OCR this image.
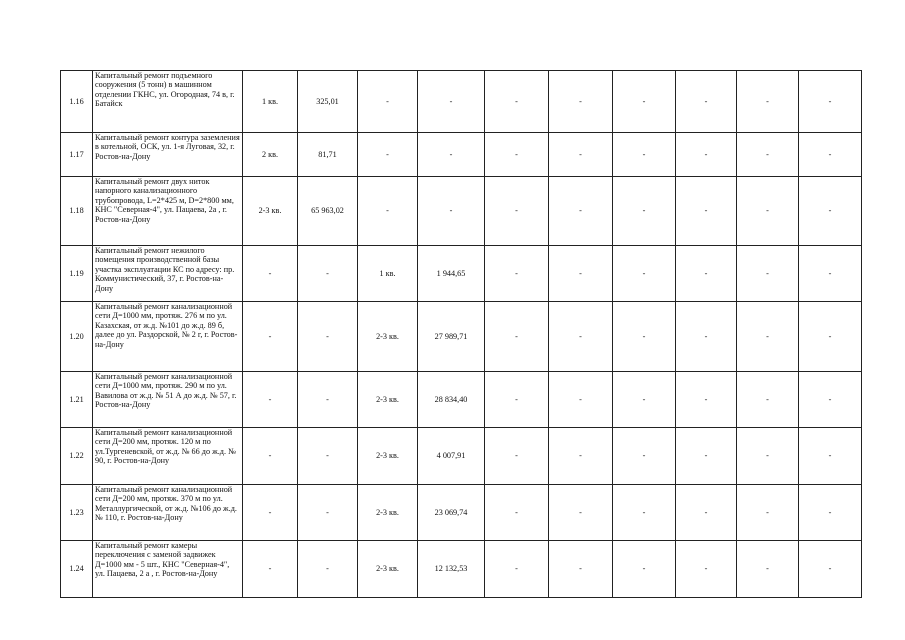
1.16	Капитальный ремонт подъемного сооружения (5 тонн) в машинном отделении ГКНС, ул. Огородная, 74 в, г. Батайск	1 кв.	325,01	-	-	-	-	-	-	-	-
1.17	Капитальный ремонт контура заземления в котельной, ОСК, ул. 1-я Луговая, 32, г. Ростов-на-Дону	2 кв.	81,71	-	-	-	-	-	-	-	-
1.18	Капитальный ремонт двух ниток напорного канализационного трубопровода, L=2*425 м, D=2*800 мм, КНС "Северная-4", ул. Пацаева, 2а , г. Ростов-на-Дону	2-3 кв.	65 963,02	-	-	-	-	-	-	-	-
1.19	Капитальный ремонт нежилого помещения производственной базы участка эксплуатации КС по адресу: пр. Коммунистический, 37, г. Ростов-на-Дону	-	-	1 кв.	1 944,65	-	-	-	-	-	-
1.20	Капитальный ремонт канализационной сети Д=1000 мм, протяж. 276 м по ул. Казахская, от ж.д. №101 до ж.д. 89 б, далее до ул. Раздорской, № 2 г, г. Ростов-на-Дону	-	-	2-3 кв.	27 989,71	-	-	-	-	-	-
1.21	Капитальный ремонт канализационной сети Д=1000 мм, протяж. 290 м по ул. Вавилова от ж.д. № 51 А до ж.д. № 57, г. Ростов-на-Дону	-	-	2-3 кв.	28 834,40	-	-	-	-	-	-
1.22	Капитальный ремонт канализационной сети Д=200 мм, протяж. 120 м по ул.Тургеневской, от ж.д. № 66 до ж.д. № 90, г. Ростов-на-Дону	-	-	2-3 кв.	4 007,91	-	-	-	-	-	-
1.23	Капитальный ремонт канализационной сети Д=200 мм, протяж. 370 м по ул. Металлургической, от ж.д. №106 до ж.д. № 110, г. Ростов-на-Дону	-	-	2-3 кв.	23 069,74	-	-	-	-	-	-
1.24	Капитальный ремонт камеры переключения с заменой задвижек Д=1000 мм - 5 шт., КНС "Северная-4", ул. Пацаева, 2 а , г. Ростов-на-Дону	-	-	2-3 кв.	12 132,53	-	-	-	-	-	-
